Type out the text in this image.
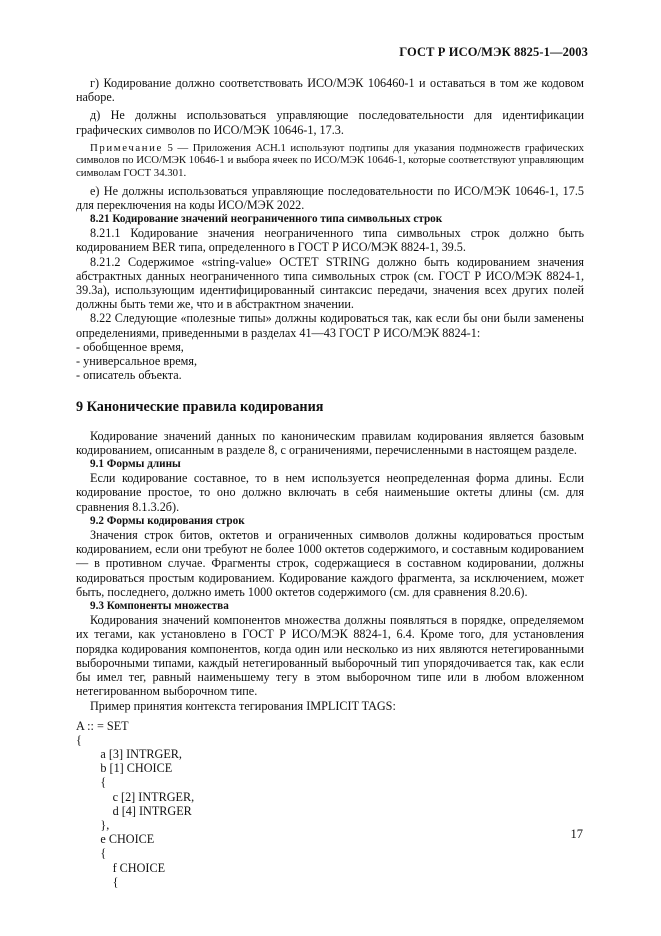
ГОСТ Р ИСО/МЭК 8825-1—2003

г) Кодирование должно соответствовать ИСО/МЭК 106460-1 и оставаться в том же кодовом наборе.

д) Не должны использоваться управляющие последовательности для идентификации графических символов по ИСО/МЭК 10646-1, 17.3.

Примечание 5 — Приложения АСН.1 используют подтипы для указания подмножеств графических символов по ИСО/МЭК 10646-1 и выбора ячеек по ИСО/МЭК 10646-1, которые соответствуют управляющим символам ГОСТ 34.301.

е) Не должны использоваться управляющие последовательности по ИСО/МЭК 10646-1, 17.5 для переключения на коды ИСО/МЭК 2022.

8.21 Кодирование значений неограниченного типа символьных строк

8.21.1 Кодирование значения неограниченного типа символьных строк должно быть кодированием BER типа, определенного в ГОСТ Р ИСО/МЭК 8824-1, 39.5.

8.21.2 Содержимое «string-value» OCTET STRING должно быть кодированием значения абстрактных данных неограниченного типа символьных строк (см. ГОСТ Р ИСО/МЭК 8824-1, 39.3а), использующим идентифицированный синтаксис передачи, значения всех других полей должны быть теми же, что и в абстрактном значении.

8.22 Следующие «полезные типы» должны кодироваться так, как если бы они были заменены определениями, приведенными в разделах 41—43 ГОСТ Р ИСО/МЭК 8824-1:

- обобщенное время,
- универсальное время,
- описатель объекта.
9 Канонические правила кодирования

Кодирование значений данных по каноническим правилам кодирования является базовым кодированием, описанным в разделе 8, с ограничениями, перечисленными в настоящем разделе.

9.1 Формы длины

Если кодирование составное, то в нем используется неопределенная форма длины. Если кодирование простое, то оно должно включать в себя наименьшие октеты длины (см. для сравнения 8.1.3.2б).

9.2 Формы кодирования строк

Значения строк битов, октетов и ограниченных символов должны кодироваться простым кодированием, если они требуют не более 1000 октетов содержимого, и составным кодированием — в противном случае. Фрагменты строк, содержащиеся в составном кодировании, должны кодироваться простым кодированием. Кодирование каждого фрагмента, за исключением, может быть, последнего, должно иметь 1000 октетов содержимого (см. для сравнения 8.20.6).

9.3 Компоненты множества

Кодирования значений компонентов множества должны появляться в порядке, определяемом их тегами, как установлено в ГОСТ Р ИСО/МЭК 8824-1, 6.4. Кроме того, для установления порядка кодирования компонентов, когда один или несколько из них являются нетегированными выборочными типами, каждый нетегированный выборочный тип упорядочивается так, как если бы имел тег, равный наименьшему тегу в этом выборочном типе или в любом вложенном нетегированном выборочном типе.

Пример принятия контекста тегирования IMPLICIT TAGS:

A :: = SET
{
a [3] INTRGER,
b [1] CHOICE
{
c [2] INTRGER,
d [4] INTRGER
},
e CHOICE
{
f CHOICE
{
17
